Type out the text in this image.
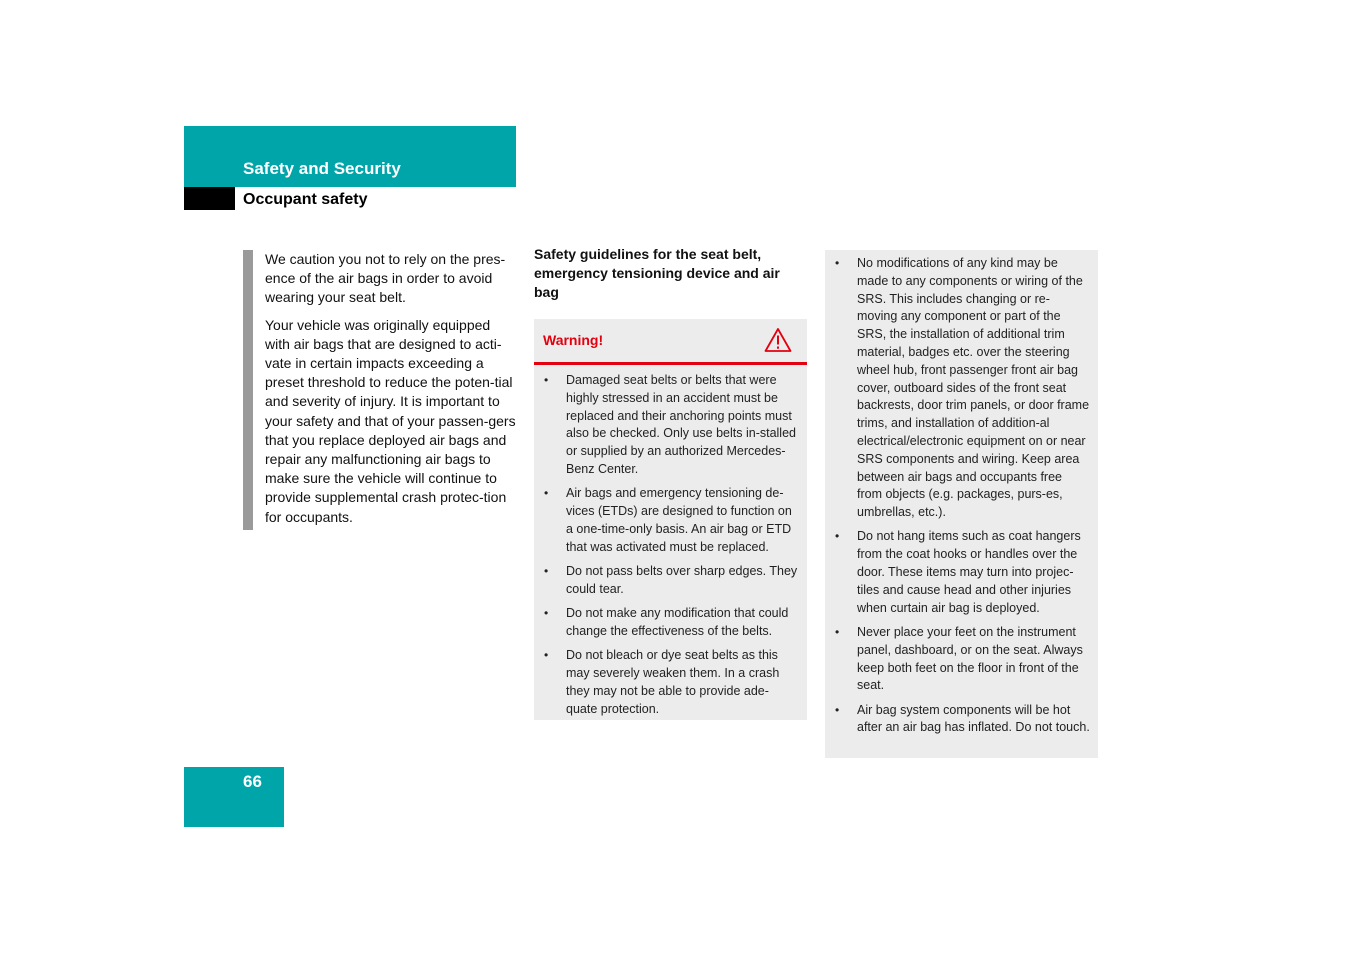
Safety and Security
Occupant safety

We caution you not to rely on the pres-ence of the air bags in order to avoid wearing your seat belt.

Your vehicle was originally equipped with air bags that are designed to acti-vate in certain impacts exceeding a preset threshold to reduce the poten-tial and severity of injury. It is important to your safety and that of your passen-gers that you replace deployed air bags and repair any malfunctioning air bags to make sure the vehicle will continue to provide supplemental crash protec-tion for occupants.

Safety guidelines for the seat belt, emergency tensioning device and air bag
Warning!
• Damaged seat belts or belts that were highly stressed in an accident must be replaced and their anchoring points must also be checked. Only use belts in-stalled or supplied by an authorized Mercedes-Benz Center.
• Air bags and emergency tensioning de-vices (ETDs) are designed to function on a one-time-only basis. An air bag or ETD that was activated must be replaced.
• Do not pass belts over sharp edges. They could tear.
• Do not make any modification that could change the effectiveness of the belts.
• Do not bleach or dye seat belts as this may severely weaken them. In a crash they may not be able to provide ade-quate protection.
• No modifications of any kind may be made to any components or wiring of the SRS. This includes changing or re-moving any component or part of the SRS, the installation of additional trim material, badges etc. over the steering wheel hub, front passenger front air bag cover, outboard sides of the front seat backrests, door trim panels, or door frame trims, and installation of addition-al electrical/electronic equipment on or near SRS components and wiring. Keep area between air bags and occupants free from objects (e.g. packages, purs-es, umbrellas, etc.).
• Do not hang items such as coat hangers from the coat hooks or handles over the door. These items may turn into projec-tiles and cause head and other injuries when curtain air bag is deployed.
• Never place your feet on the instrument panel, dashboard, or on the seat. Always keep both feet on the floor in front of the seat.
• Air bag system components will be hot after an air bag has inflated. Do not touch.
66
